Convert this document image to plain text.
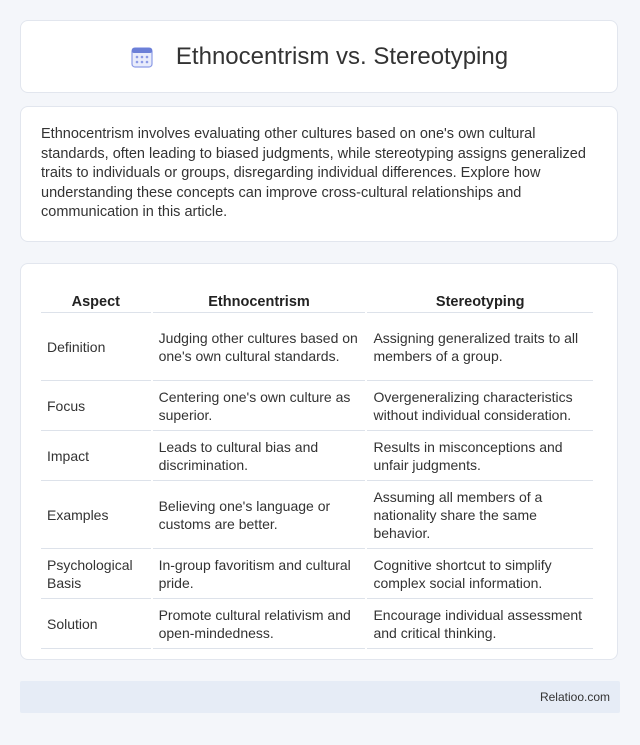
Ethnocentrism vs. Stereotyping

Ethnocentrism involves evaluating other cultures based on one's own cultural standards, often leading to biased judgments, while stereotyping assigns generalized traits to individuals or groups, disregarding individual differences. Explore how understanding these concepts can improve cross-cultural relationships and communication in this article.

Aspect	Ethnocentrism	Stereotyping
Definition	Judging other cultures based on one's own cultural standards.	Assigning generalized traits to all members of a group.
Focus	Centering one's own culture as superior.	Overgeneralizing characteristics without individual consideration.
Impact	Leads to cultural bias and discrimination.	Results in misconceptions and unfair judgments.
Examples	Believing one's language or customs are better.	Assuming all members of a nationality share the same behavior.
Psychological Basis	In-group favoritism and cultural pride.	Cognitive shortcut to simplify complex social information.
Solution	Promote cultural relativism and open-mindedness.	Encourage individual assessment and critical thinking.
Relatioo.com
